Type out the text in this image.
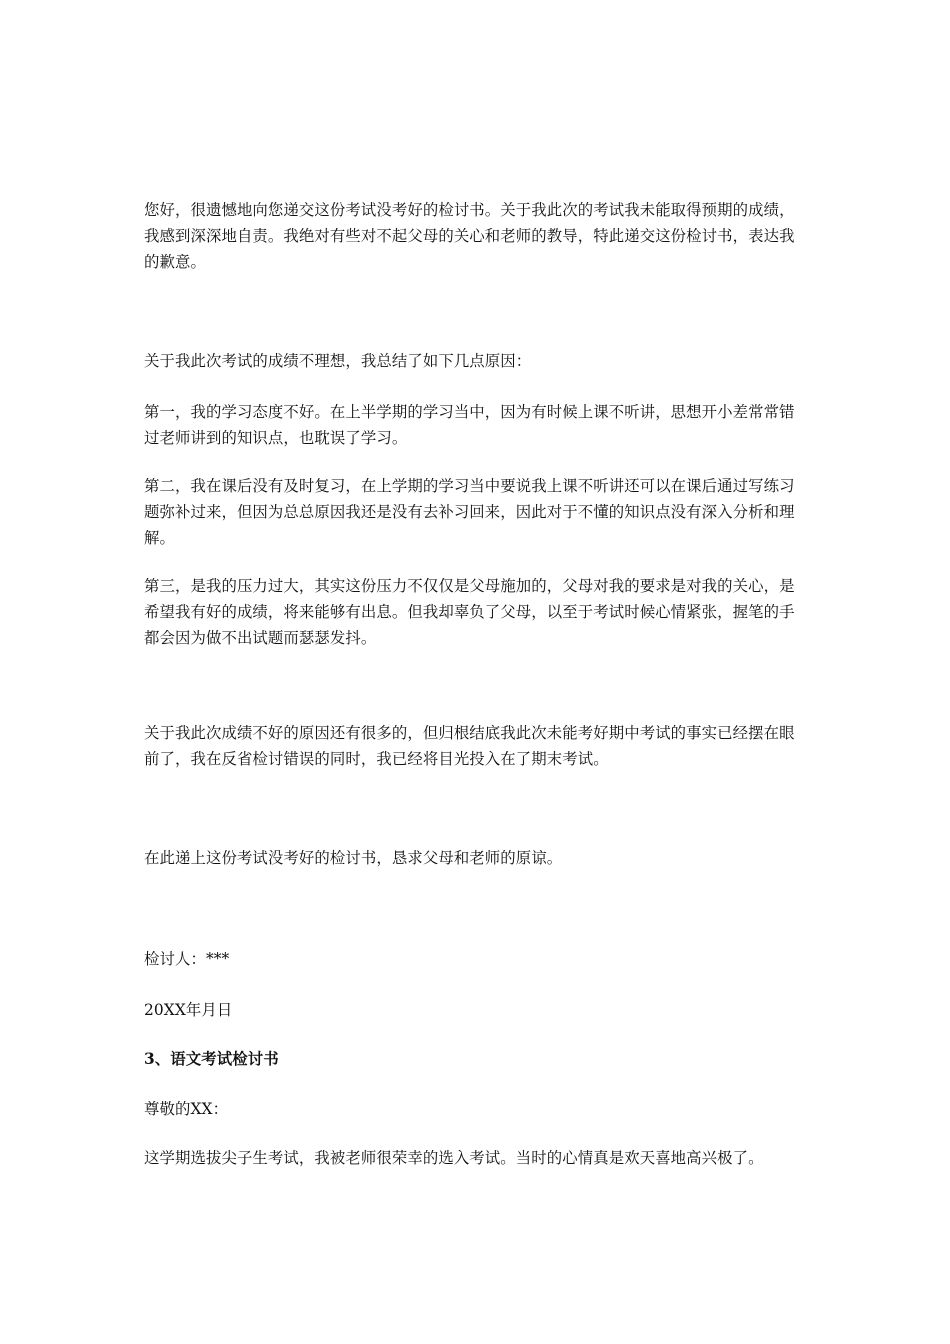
您好，很遗憾地向您递交这份考试没考好的检讨书。关于我此次的考试我未能取得预期的成绩，我感到深深地自责。我绝对有些对不起父母的关心和老师的教导，特此递交这份检讨书，表达我的歉意。

关于我此次考试的成绩不理想，我总结了如下几点原因：

第一，我的学习态度不好。在上半学期的学习当中，因为有时候上课不听讲，思想开小差常常错过老师讲到的知识点，也耽误了学习。

第二，我在课后没有及时复习，在上学期的学习当中要说我上课不听讲还可以在课后通过写练习题弥补过来，但因为总总原因我还是没有去补习回来，因此对于不懂的知识点没有深入分析和理解。

第三，是我的压力过大，其实这份压力不仅仅是父母施加的，父母对我的要求是对我的关心，是希望我有好的成绩，将来能够有出息。但我却辜负了父母，以至于考试时候心情紧张，握笔的手都会因为做不出试题而瑟瑟发抖。

关于我此次成绩不好的原因还有很多的，但归根结底我此次未能考好期中考试的事实已经摆在眼前了，我在反省检讨错误的同时，我已经将目光投入在了期末考试。

在此递上这份考试没考好的检讨书，恳求父母和老师的原谅。

检讨人：***

20XX年月日

3、语文考试检讨书

尊敬的XX：

这学期选拔尖子生考试，我被老师很荣幸的选入考试。当时的心情真是欢天喜地高兴极了。
